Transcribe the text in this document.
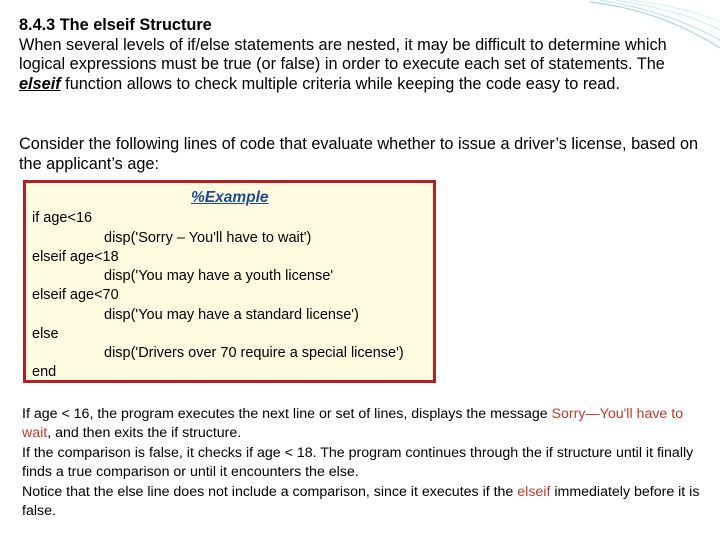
8.4.3 The elseif Structure
When several levels of if/else statements are nested, it may be difficult to determine which logical expressions must be true (or false) in order to execute each set of statements. The elseif function allows to check multiple criteria while keeping the code easy to read.
Consider the following lines of code that evaluate whether to issue a driver’s license, based on the applicant’s age:
%Example
if age<16
disp('Sorry – You'll have to wait')
elseif age<18
disp('You may have a youth license'
elseif age<70
disp('You may have a standard license')
else
disp('Drivers over 70 require a special license')
end

If age < 16, the program executes the next line or set of lines, displays the message Sorry—You'll have to wait, and then exits the if structure.

If the comparison is false, it checks if age < 18. The program continues through the if structure until it finally finds a true comparison or until it encounters the else.

Notice that the else line does not include a comparison, since it executes if the elseif immediately before it is false.
